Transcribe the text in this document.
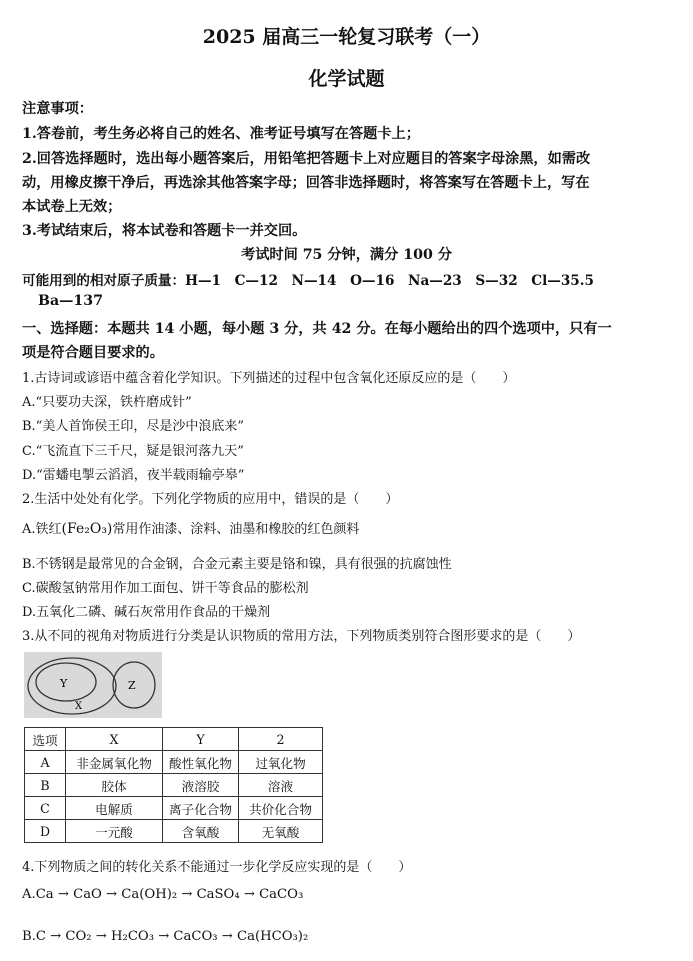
2025 届高三一轮复习联考（一）
化学试题
注意事项：
1.答卷前，考生务必将自己的姓名、准考证号填写在答题卡上；
2.回答选择题时，选出每小题答案后，用铅笔把答题卡上对应题目的答案字母涂黑，如需改
动，用橡皮擦干净后，再选涂其他答案字母；回答非选择题时，将答案写在答题卡上，写在
本试卷上无效；
3.考试结束后，将本试卷和答题卡一并交回。
考试时间 75 分钟，满分 100 分
可能用到的相对原子质量：H—1　C—12　N—14　O—16　Na—23　S—32　Cl—35.5
Ba—137
一、选择题：本题共 14 小题，每小题 3 分，共 42 分。在每小题给出的四个选项中，只有一
项是符合题目要求的。
1.古诗词或谚语中蕴含着化学知识。下列描述的过程中包含氧化还原反应的是（　　）
A.“只要功夫深，铁杵磨成针”
B.“美人首饰侯王印，尽是沙中浪底来”
C.“飞流直下三千尺，疑是银河落九天”
D.“雷蟠电掣云滔滔，夜半载雨输亭皋”
2.生活中处处有化学。下列化学物质的应用中，错误的是（　　）
A.铁红(Fe₂O₃)常用作油漆、涂料、油墨和橡胶的红色颜料
B.不锈钢是最常见的合金钢，合金元素主要是铬和镍，具有很强的抗腐蚀性
C.碳酸氢钠常用作加工面包、饼干等食品的膨松剂
D.五氧化二磷、碱石灰常用作食品的干燥剂
3.从不同的视角对物质进行分类是认识物质的常用方法，下列物质类别符合图形要求的是（　　）
Y	Z
X
选项	X	Y	2
A	非金属氧化物	酸性氧化物	过氧化物
B	胶体	液溶胶	溶液
C	电解质	离子化合物	共价化合物
D	一元酸	含氧酸	无氧酸
4.下列物质之间的转化关系不能通过一步化学反应实现的是（　　）
A.Ca → CaO → Ca(OH)₂ → CaSO₄ → CaCO₃
B.C → CO₂ → H₂CO₃ → CaCO₃ → Ca(HCO₃)₂
